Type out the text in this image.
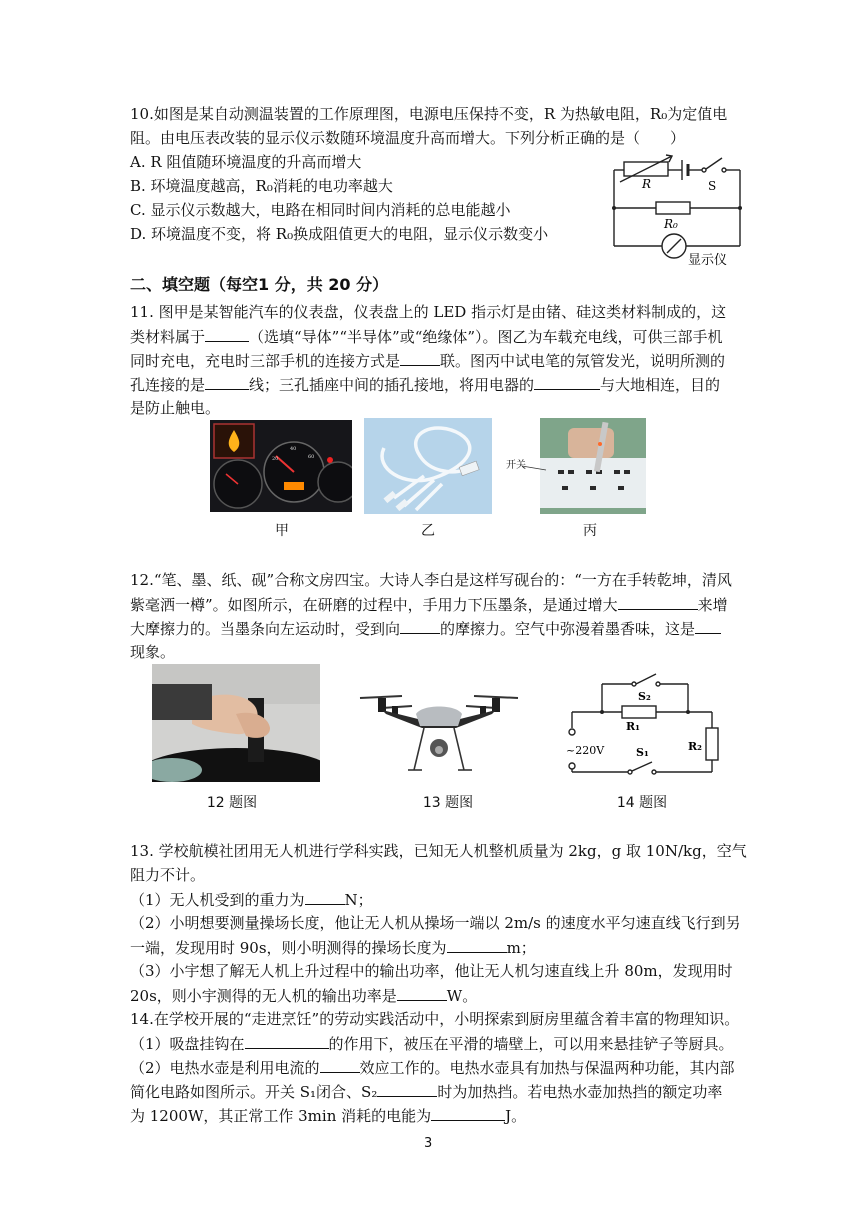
10.如图是某自动测温装置的工作原理图，电源电压保持不变，R 为热敏电阻，R₀为定值电
阻。由电压表改装的显示仪示数随环境温度升高而增大。下列分析正确的是（　　）
A. R 阻值随环境温度的升高而增大
B. 环境温度越高，R₀消耗的电功率越大
C. 显示仪示数越大，电路在相同时间内消耗的总电能越小
D. 环境温度不变，将 R₀换成阻值更大的电阻，显示仪示数变小
R	S
R₀
显示仪
二、填空题（每空1 分，共 20 分）
11. 图甲是某智能汽车的仪表盘，仪表盘上的 LED 指示灯是由锗、硅这类材料制成的，这
类材料属于	（选填“导体”“半导体”或“绝缘体”）。图乙为车载充电线，可供三部手机
同时充电，充电时三部手机的连接方式是	联。图丙中试电笔的氖管发光，说明所测的
孔连接的是	线；三孔插座中间的插孔接地，将用电器的	与大地相连，目的
是防止触电。
20
40
60
开关
甲	乙	丙
12.“笔、墨、纸、砚”合称文房四宝。大诗人李白是这样写砚台的：“一方在手转乾坤，清风
紫毫洒一樽”。如图所示，在研磨的过程中，手用力下压墨条，是通过增大	来增
大摩擦力的。当墨条向左运动时，受到向	的摩擦力。空气中弥漫着墨香味，这是
现象。
S₂
R₁
S₁	R₂
~220V
12 题图	13 题图	14 题图
13. 学校航模社团用无人机进行学科实践，已知无人机整机质量为 2kg，g 取 10N/kg，空气
阻力不计。
（1）无人机受到的重力为	N；
（2）小明想要测量操场长度，他让无人机从操场一端以 2m/s 的速度水平匀速直线飞行到另
一端，发现用时 90s，则小明测得的操场长度为	m；
（3）小宇想了解无人机上升过程中的输出功率，他让无人机匀速直线上升 80m，发现用时
20s，则小宇测得的无人机的输出功率是	W。
14.在学校开展的“走进烹饪”的劳动实践活动中，小明探索到厨房里蕴含着丰富的物理知识。
（1）吸盘挂钩在	的作用下，被压在平滑的墙壁上，可以用来悬挂铲子等厨具。
（2）电热水壶是利用电流的	效应工作的。电热水壶具有加热与保温两种功能，其内部
简化电路如图所示。开关 S₁闭合、S₂	时为加热挡。若电热水壶加热挡的额定功率
为 1200W，其正常工作 3min 消耗的电能为	J。
3
